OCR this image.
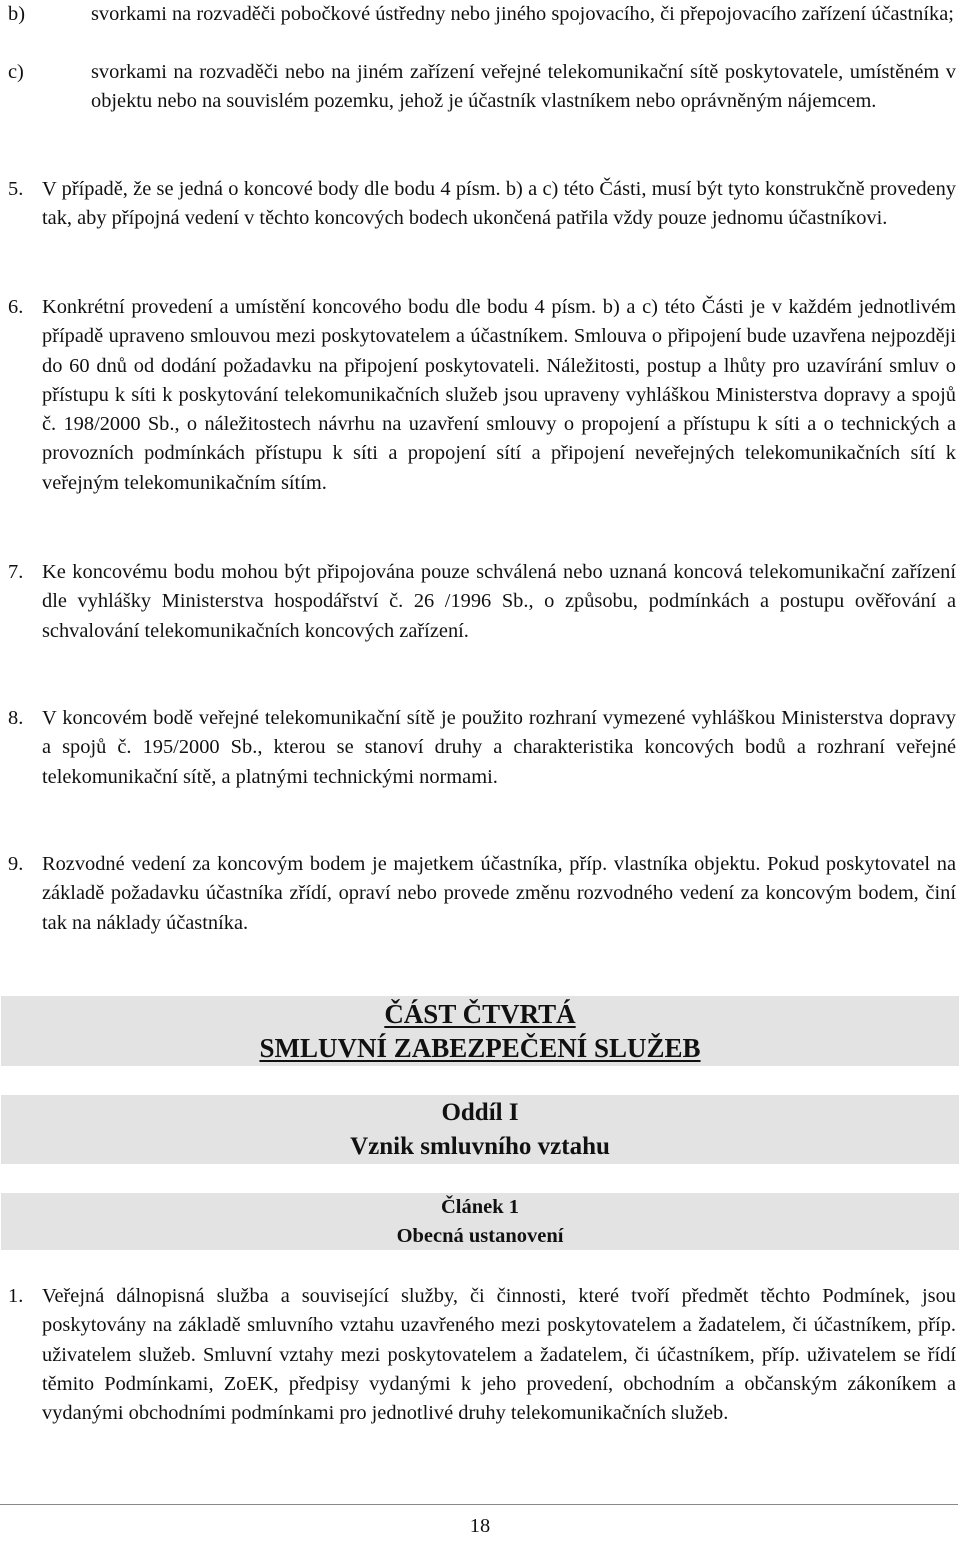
b)	svorkami na rozvaděči pobočkové ústředny nebo jiného spojovacího, či přepojovacího zařízení účastníka;
c)	svorkami na rozvaděči nebo na jiném zařízení veřejné telekomunikační sítě poskytovatele, umístěném v objektu nebo na souvislém pozemku, jehož je účastník vlastníkem nebo oprávněným nájemcem.
5. V případě, že se jedná o koncové body dle bodu 4 písm. b) a c) této Části, musí být tyto konstrukčně provedeny tak, aby přípojná vedení v těchto koncových bodech ukončená patřila vždy pouze jednomu účastníkovi.
6. Konkrétní provedení a umístění koncového bodu dle bodu 4 písm. b) a c) této Části je v každém jednotlivém případě upraveno smlouvou mezi poskytovatelem a účastníkem. Smlouva o připojení bude uzavřena nejpozději do 60 dnů od dodání požadavku na připojení poskytovateli. Náležitosti, postup a lhůty pro uzavírání smluv o přístupu k síti k poskytování telekomunikačních služeb jsou upraveny vyhláškou Ministerstva dopravy a spojů č. 198/2000 Sb., o náležitostech návrhu na uzavření smlouvy o propojení a přístupu k síti a o technických a provozních podmínkách přístupu k síti a propojení sítí a připojení neveřejných telekomunikačních sítí k veřejným telekomunikačním sítím.
7. Ke koncovému bodu mohou být připojována pouze schválená nebo uznaná koncová telekomunikační zařízení dle vyhlášky Ministerstva hospodářství č. 26 /1996 Sb., o způsobu, podmínkách a postupu ověřování a schvalování telekomunikačních koncových zařízení.
8. V koncovém bodě veřejné telekomunikační sítě je použito rozhraní vymezené vyhláškou Ministerstva dopravy a spojů č. 195/2000 Sb., kterou se stanoví druhy a charakteristika koncových bodů a rozhraní veřejné telekomunikační sítě, a platnými technickými normami.
9. Rozvodné vedení za koncovým bodem je majetkem účastníka, příp. vlastníka objektu. Pokud poskytovatel na základě požadavku účastníka zřídí, opraví nebo provede změnu rozvodného vedení za koncovým bodem, činí tak na náklady účastníka.
ČÁST ČTVRTÁ
SMLUVNÍ ZABEZPEČENÍ SLUŽEB
Oddíl I
Vznik smluvního vztahu
Článek 1
Obecná ustanovení
1. Veřejná dálnopisná služba a související služby, či činnosti, které tvoří předmět těchto Podmínek, jsou poskytovány na základě smluvního vztahu uzavřeného mezi poskytovatelem a žadatelem, či účastníkem, příp. uživatelem služeb. Smluvní vztahy mezi poskytovatelem a žadatelem, či účastníkem, příp. uživatelem se řídí těmito Podmínkami, ZoEK, předpisy vydanými k jeho provedení, obchodním a občanským zákoníkem a vydanými obchodními podmínkami pro jednotlivé druhy telekomunikačních služeb.
18
